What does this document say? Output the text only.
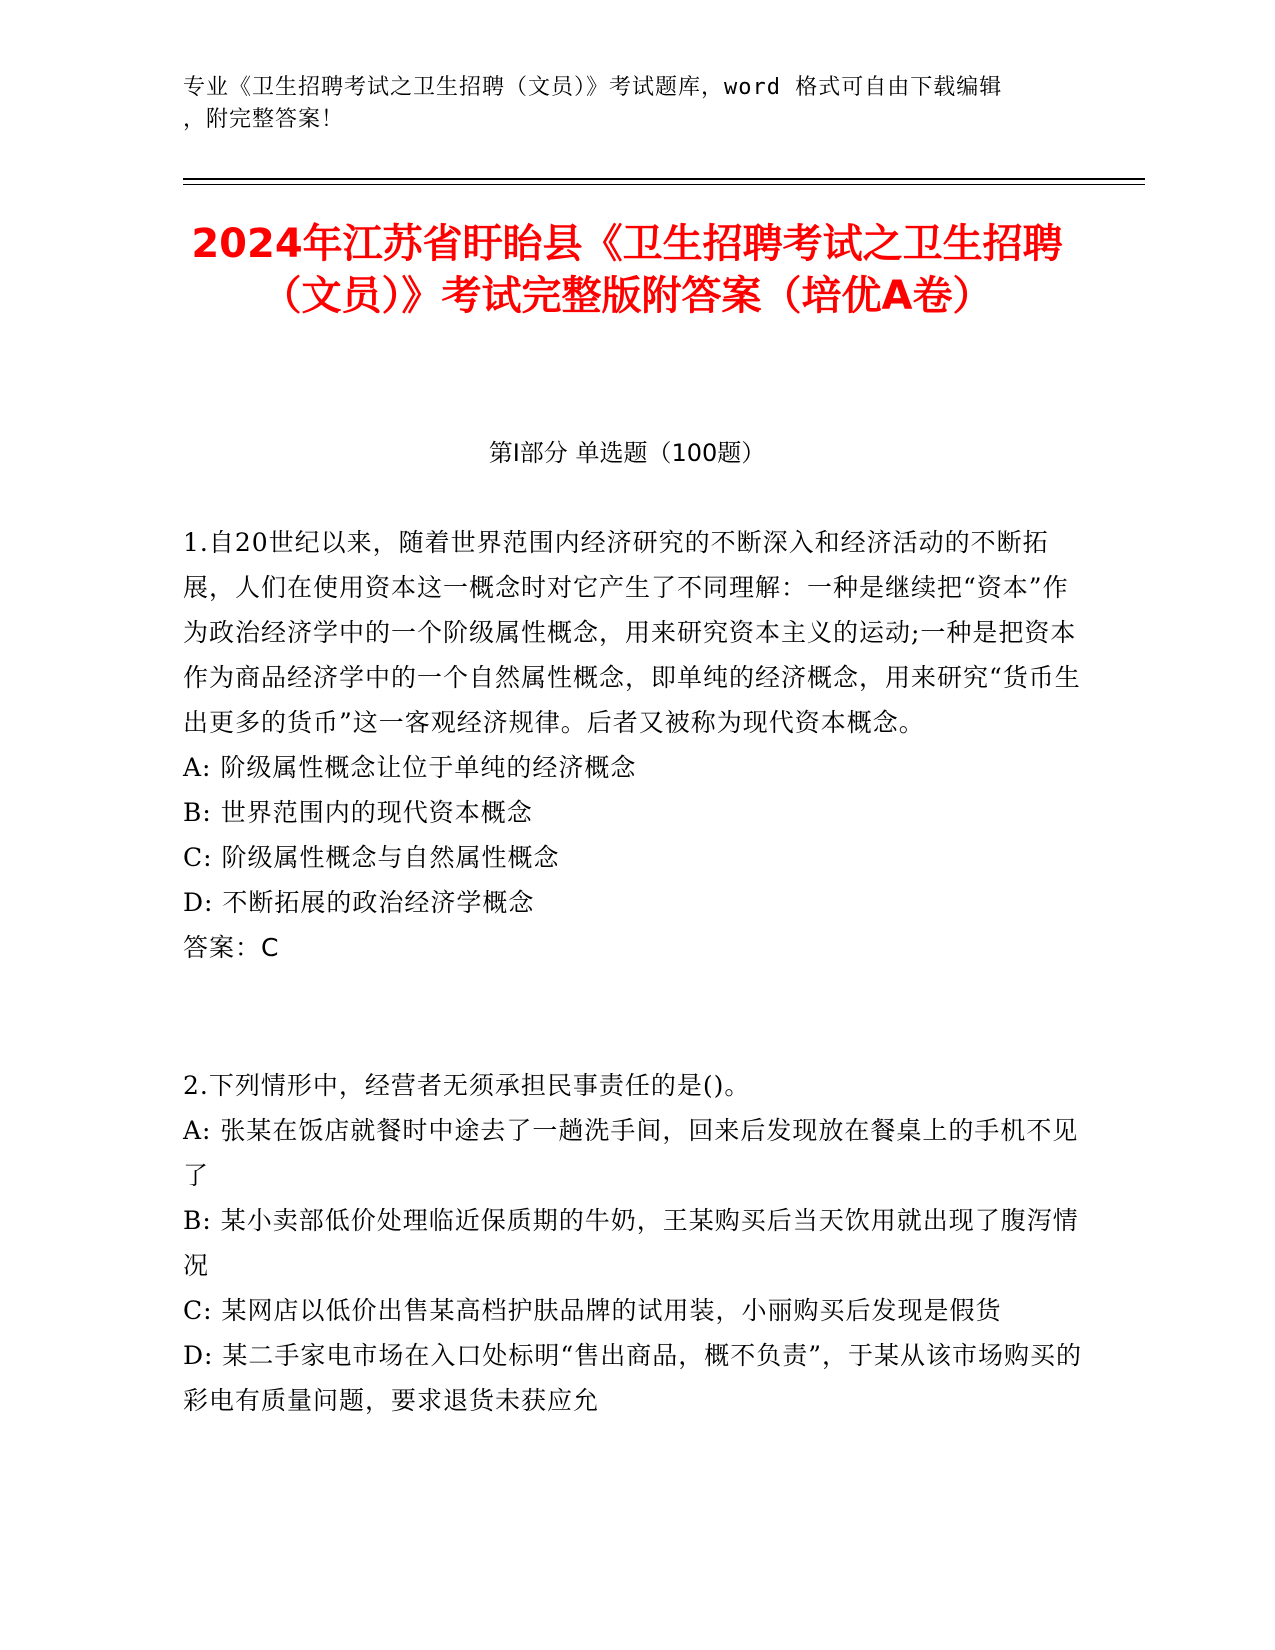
专业《卫生招聘考试之卫生招聘（文员）》考试题库，word 格式可自由下载编辑
，附完整答案！
2024年江苏省盱眙县《卫生招聘考试之卫生招聘（文员）》考试完整版附答案（培优A卷）
第Ⅰ部分 单选题（100题）
1.自20世纪以来，随着世界范围内经济研究的不断深入和经济活动的不断拓展，人们在使用资本这一概念时对它产生了不同理解：一种是继续把“资本”作为政治经济学中的一个阶级属性概念，用来研究资本主义的运动;一种是把资本作为商品经济学中的一个自然属性概念，即单纯的经济概念，用来研究“货币生出更多的货币”这一客观经济规律。后者又被称为现代资本概念。
A: 阶级属性概念让位于单纯的经济概念
B: 世界范围内的现代资本概念
C: 阶级属性概念与自然属性概念
D: 不断拓展的政治经济学概念
答案：C
2.下列情形中，经营者无须承担民事责任的是()。
A: 张某在饭店就餐时中途去了一趟洗手间，回来后发现放在餐桌上的手机不见了
B: 某小卖部低价处理临近保质期的牛奶，王某购买后当天饮用就出现了腹泻情况
C: 某网店以低价出售某高档护肤品牌的试用装，小丽购买后发现是假货
D: 某二手家电市场在入口处标明“售出商品，概不负责”，于某从该市场购买的彩电有质量问题，要求退货未获应允
